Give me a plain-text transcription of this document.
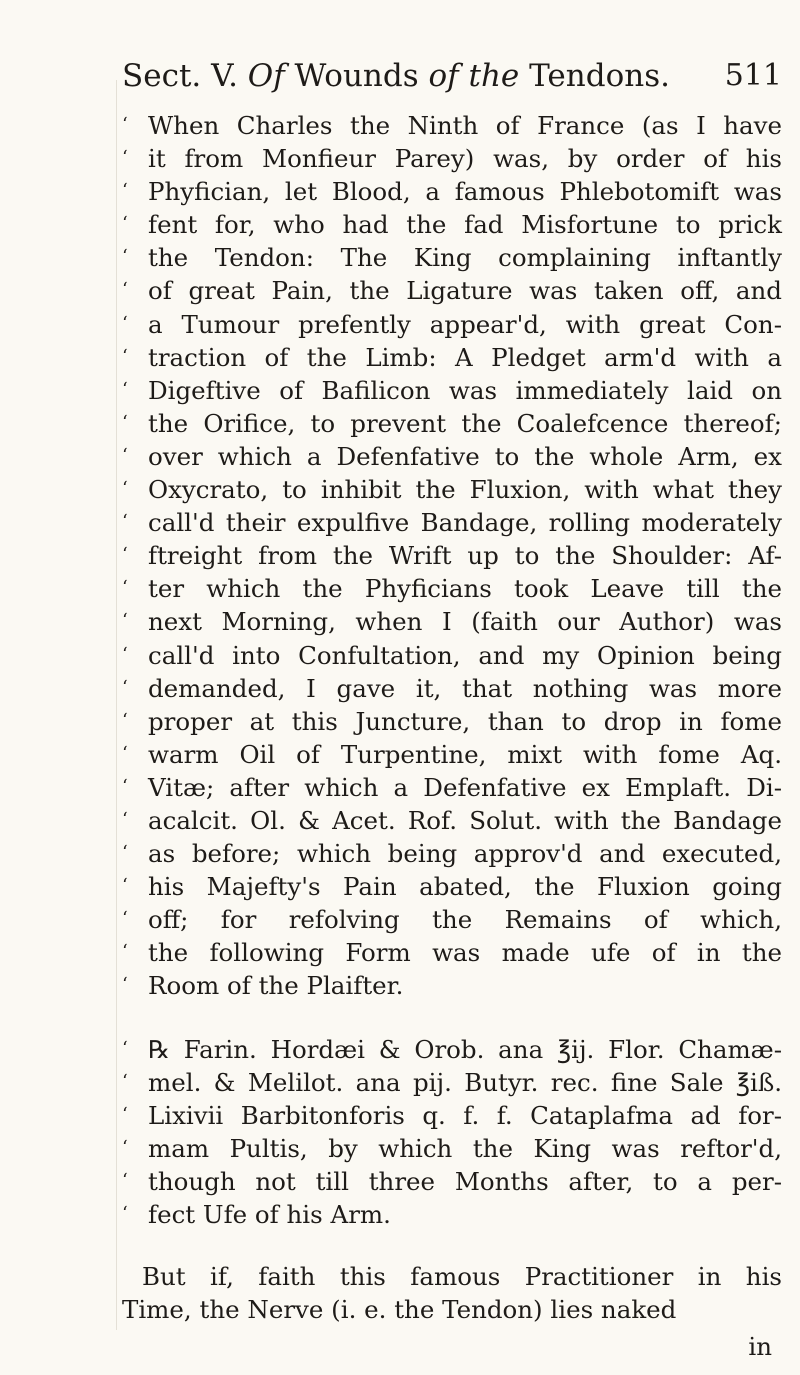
Sect. V. Of Wounds of the Tendons. 511
‘ When Charles the Ninth of France (as I have
‘ it from Monfieur Parey) was, by order of his
‘ Phyfician, let Blood, a famous Phlebotomift was
‘ fent for, who had the fad Misfortune to prick
‘ the Tendon: The King complaining inftantly
‘ of great Pain, the Ligature was taken off, and
‘ a Tumour prefently appear'd, with great Con-
‘ traction of the Limb: A Pledget arm'd with a
‘ Digeftive of Bafilicon was immediately laid on
‘ the Orifice, to prevent the Coalefcence thereof;
‘ over which a Defenfative to the whole Arm, ex
‘ Oxycrato, to inhibit the Fluxion, with what they
‘ call'd their expulfive Bandage, rolling moderately
‘ ftreight from the Wrift up to the Shoulder: Af-
‘ ter which the Phyficians took Leave till the
‘ next Morning, when I (faith our Author) was
‘ call'd into Confultation, and my Opinion being
‘ demanded, I gave it, that nothing was more
‘ proper at this Juncture, than to drop in fome
‘ warm Oil of Turpentine, mixt with fome Aq.
‘ Vitæ; after which a Defenfative ex Emplaft. Di-
‘ acalcit. Ol. & Acet. Rof. Solut. with the Bandage
‘ as before; which being approv'd and executed,
‘ his Majefty's Pain abated, the Fluxion going
‘ off; for refolving the Remains of which,
‘ the following Form was made ufe of in the
‘ Room of the Plaifter.
‘ ℞ Farin. Hordæi & Orob. ana ℥ij. Flor. Chamæ-
‘ mel. & Melilot. ana pij. Butyr. rec. fine Sale ℥iß.
‘ Lixivii Barbitonforis q. f. f. Cataplafma ad for-
‘ mam Pultis, by which the King was reftor'd,
‘ though not till three Months after, to a per-
‘ fect Ufe of his Arm.
But if, faith this famous Practitioner in his
Time, the Nerve (i. e. the Tendon) lies naked
in
